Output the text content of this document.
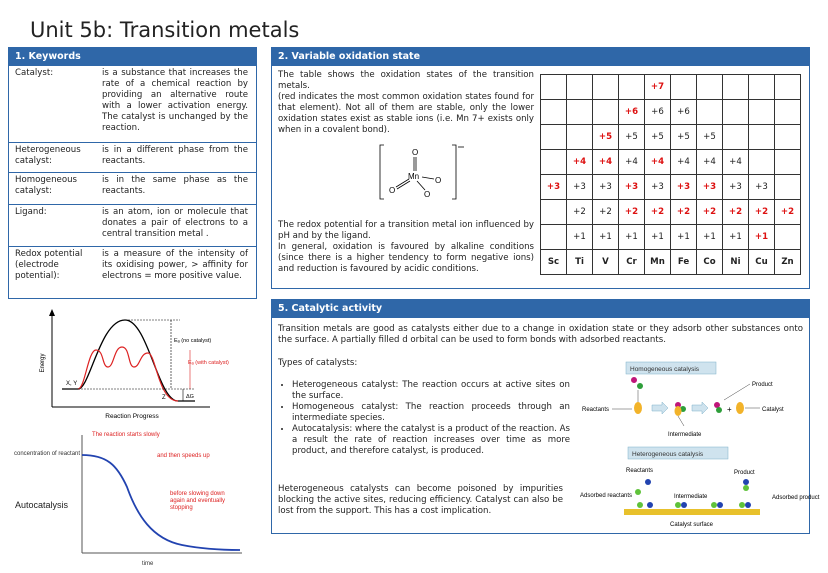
Unit 5b: Transition metals
1. Keywords
Catalyst:	is a substance that increases the rate of a chemical reaction by providing an alternative route with a lower activation energy. The catalyst is unchanged by the reaction.
Heterogeneous catalyst:
is in a different phase from the reactants.
Homogeneous catalyst:
is in the same phase as the reactants.
Ligand:	is an atom, ion or molecule that donates a pair of electrons to a central transition metal .
Redox potential (electrode potential):
is a measure of the intensity of its oxidising power, > affinity for electrons = more positive value.
Energy
Reaction Progress
Eₐ (no catalyst)
Eₐ (with catalyst)
ΔG
X, Y
Z
Autocatalysis
concentration of reactant
time
The reaction starts slowly
and then speeds up
before slowing down again and eventually stopping
2. Variable oxidation state
The table shows the oxidation states of the transition metals.
(red indicates the most common oxidation states found for that element). Not all of them are stable, only the lower oxidation states exist as stable ions (i.e. Mn 7+ exists only when in a covalent bond).
Mn
O
O
O
O
The redox potential for a transition metal ion influenced by pH and by the ligand.
In general, oxidation is favoured by alkaline conditions (since there is a higher tendency to form negative ions) and reduction is favoured by acidic conditions.
				+7					
			+6	+6	+6				
		+5	+5	+5	+5	+5			
	+4	+4	+4	+4	+4	+4	+4		
+3	+3	+3	+3	+3	+3	+3	+3	+3	
	+2	+2	+2	+2	+2	+2	+2	+2	+2
	+1	+1	+1	+1	+1	+1	+1	+1	
Sc	Ti	V	Cr	Mn	Fe	Co	Ni	Cu	Zn
5. Catalytic activity
Transition metals are good as catalysts either due to a change in oxidation state or they adsorb other substances onto the surface. A partially filled d orbital can be used to form bonds with adsorbed reactants.
Types of catalysts:
• Heterogeneous catalyst: The reaction occurs at active sites on the surface.
• Homogeneous catalyst: The reaction proceeds through an intermediate species.
• Autocatalysis: where the catalyst is a product of the reaction. As a result the rate of reaction increases over time as more product, and therefore catalyst, is produced.
Heterogeneous catalysts can become poisoned by impurities blocking the active sites, reducing efficiency. Catalyst can also be lost from the support. This has a cost implication.
Homogeneous catalysis
Reactants
Intermediate
+
Product
Catalyst
Heterogeneous catalysis
Reactants	Product
Intermediate
Adsorbed reactants	Adsorbed product
Catalyst surface
